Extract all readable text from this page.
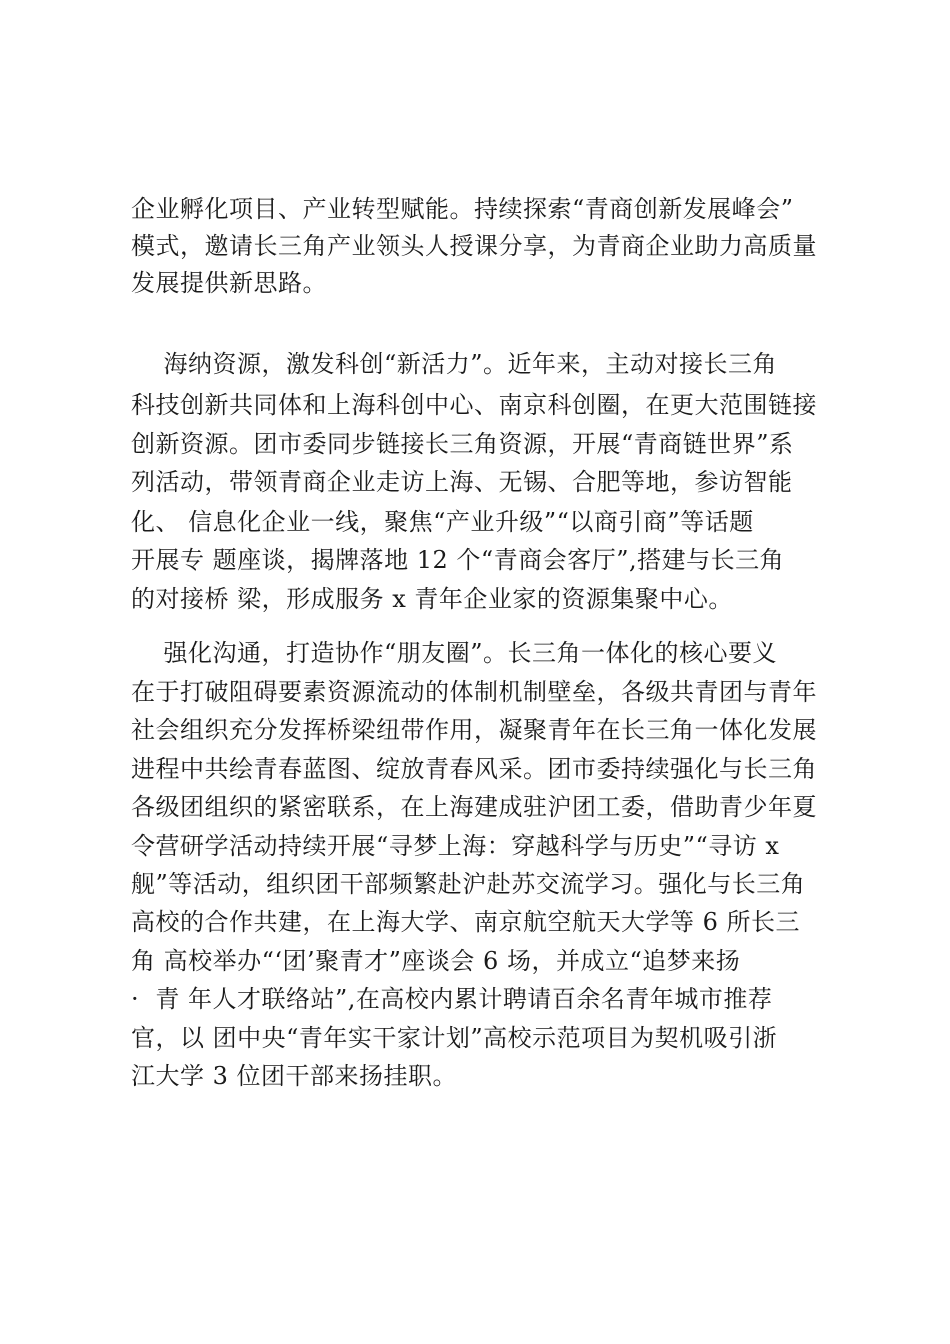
企业孵化项目、产业转型赋能。持续探索“青商创新发展峰会”
模式，邀请长三角产业领头人授课分享，为青商企业助力高质量
发展提供新思路。
海纳资源，激发科创“新活力”。近年来，主动对接长三角
科技创新共同体和上海科创中心、南京科创圈，在更大范围链接
创新资源。团市委同步链接长三角资源，开展“青商链世界”系
列活动，带领青商企业走访上海、无锡、合肥等地，参访智能
化、 信息化企业一线，聚焦“产业升级”“以商引商”等话题
开展专 题座谈，揭牌落地 12 个“青商会客厅”,搭建与长三角
的对接桥 梁，形成服务 x 青年企业家的资源集聚中心。
强化沟通，打造协作“朋友圈”。长三角一体化的核心要义
在于打破阻碍要素资源流动的体制机制壁垒，各级共青团与青年
社会组织充分发挥桥梁纽带作用，凝聚青年在长三角一体化发展
进程中共绘青春蓝图、绽放青春风采。团市委持续强化与长三角
各级团组织的紧密联系，在上海建成驻沪团工委，借助青少年夏
令营研学活动持续开展“寻梦上海：穿越科学与历史”“寻访 x
舰”等活动，组织团干部频繁赴沪赴苏交流学习。强化与长三角
高校的合作共建，在上海大学、南京航空航天大学等 6 所长三
角 高校举办“‘团’聚青才”座谈会 6 场，并成立“追梦来扬
·  青 年人才联络站”,在高校内累计聘请百余名青年城市推荐
官，以 团中央“青年实干家计划”高校示范项目为契机吸引浙
江大学 3 位团干部来扬挂职。
